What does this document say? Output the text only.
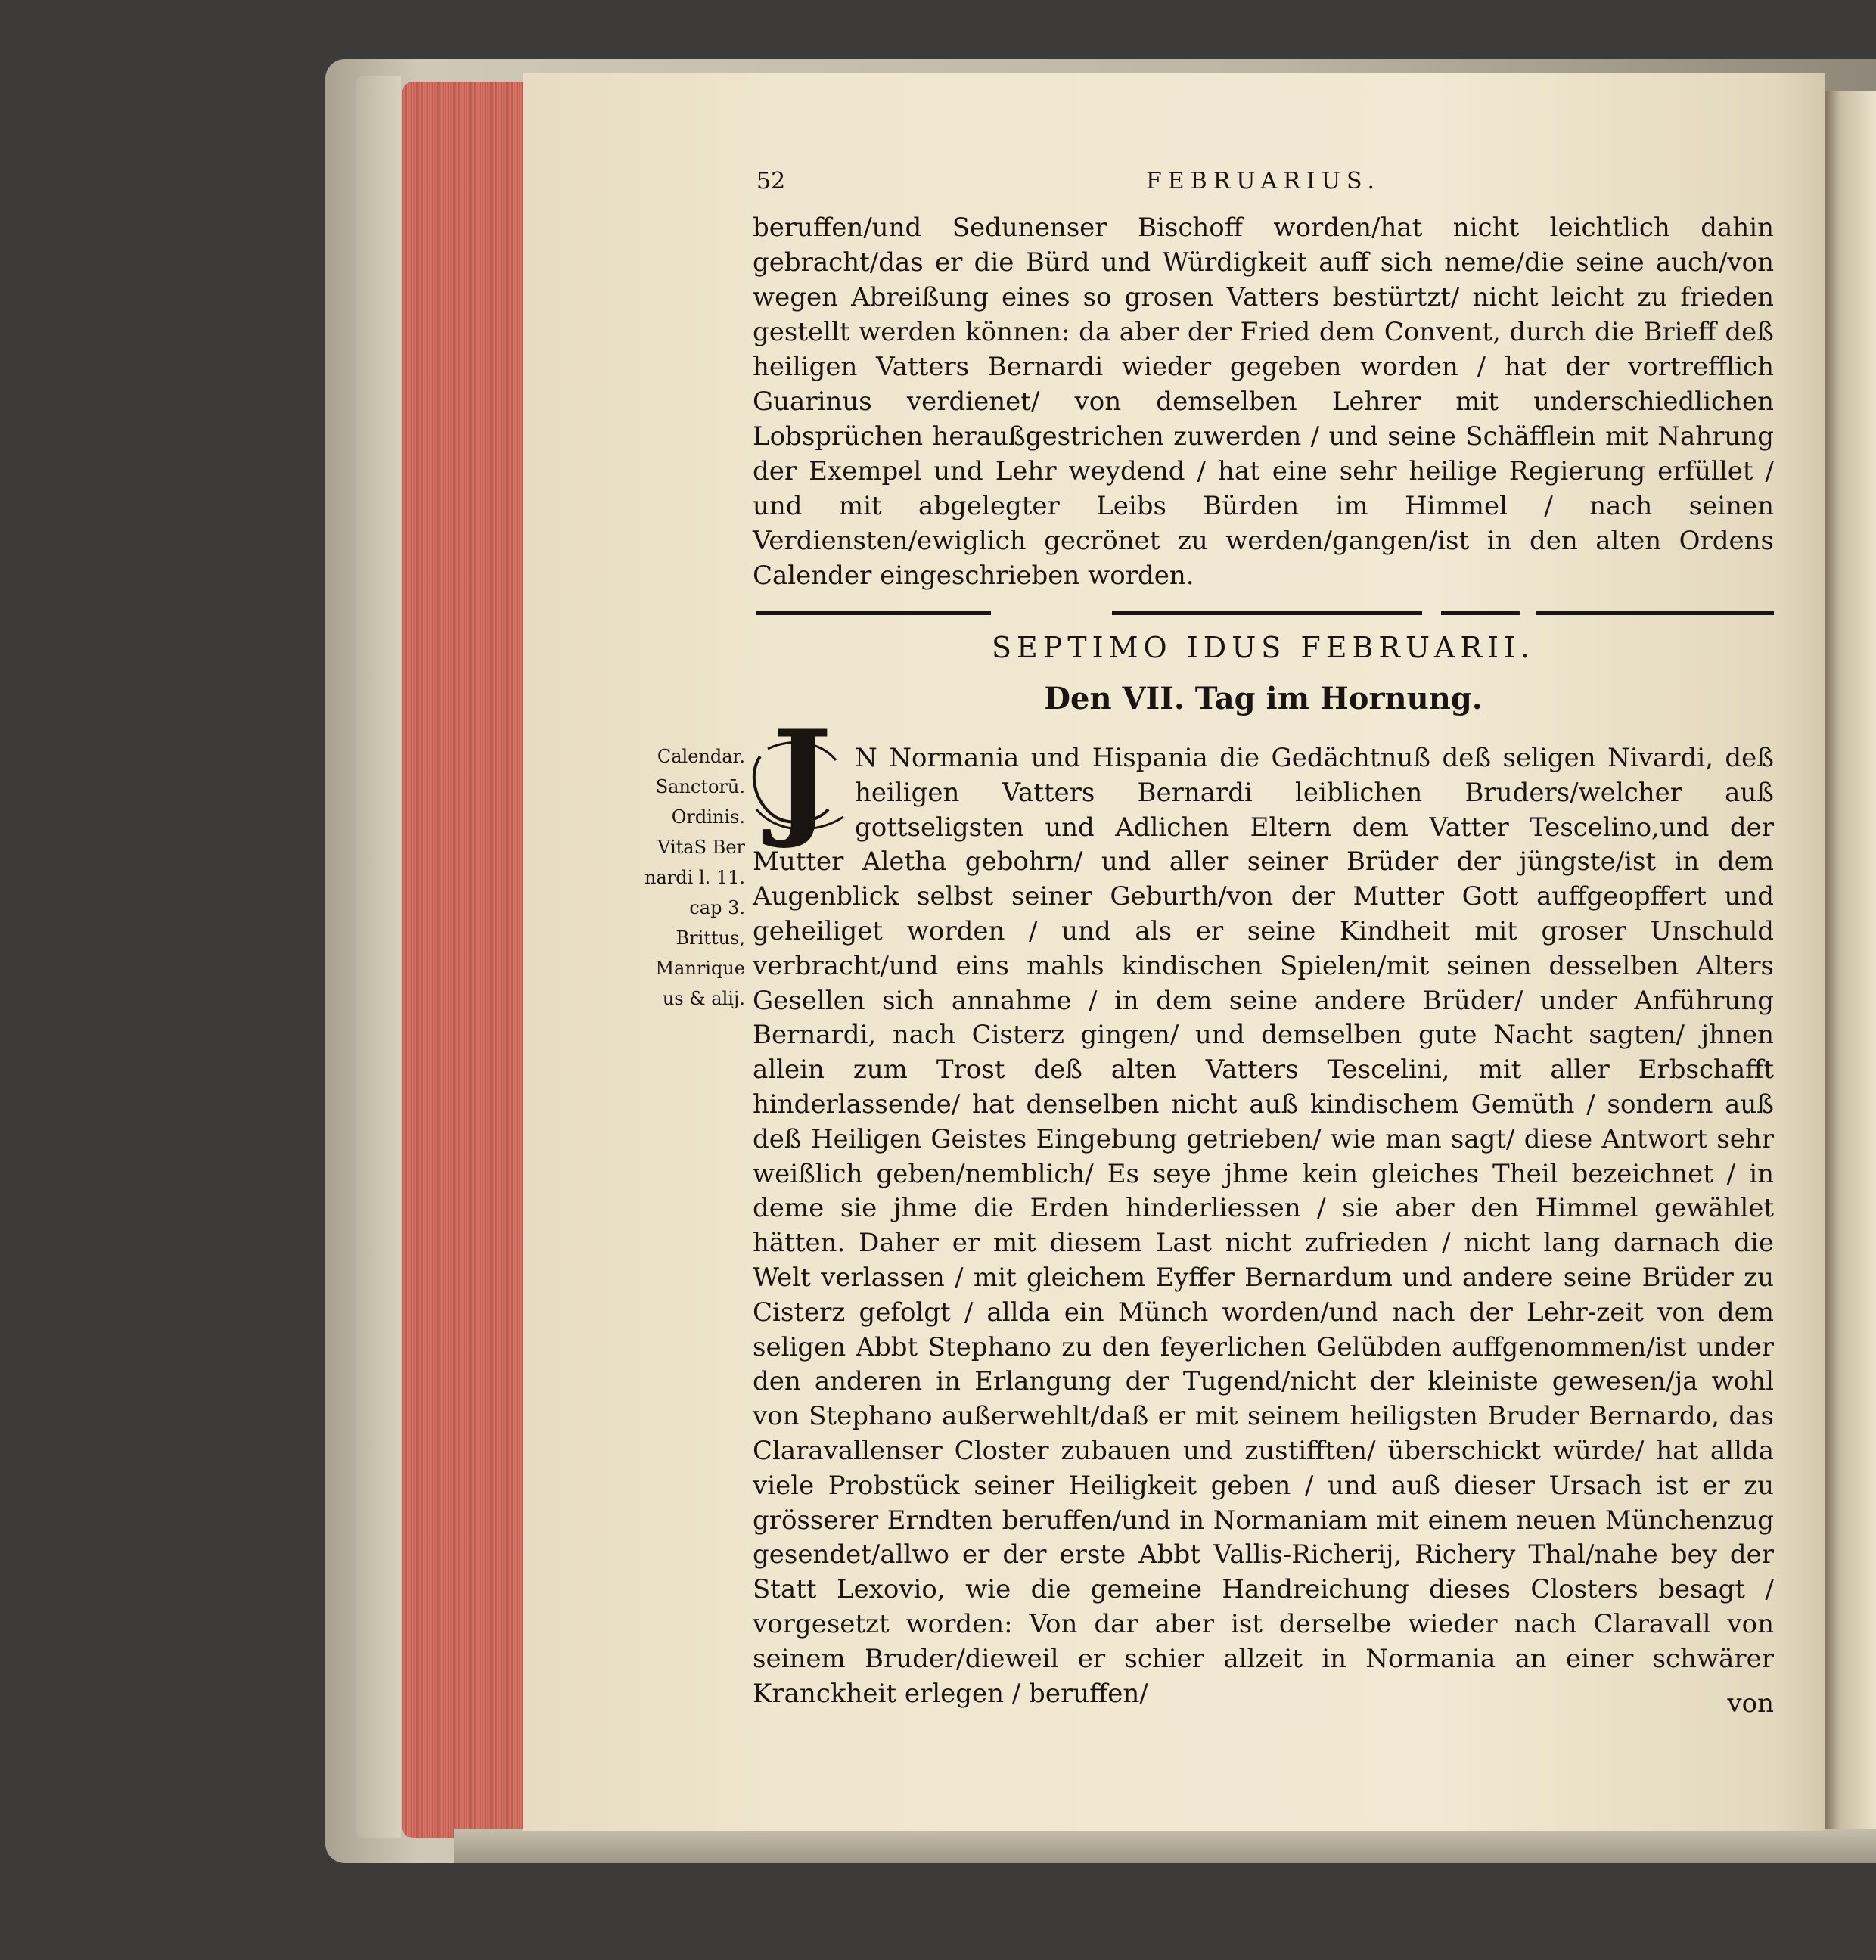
52	FEBRUARIUS.

beruffen/und Sedunenser Bischoff worden/hat nicht leichtlich dahin gebracht/das er die Bürd und Würdigkeit auff sich neme/die seine auch/von wegen Abreißung eines so grosen Vatters bestürtzt/ nicht leicht zu frieden gestellt werden können: da aber der Fried dem Convent, durch die Brieff deß heiligen Vatters Bernardi wieder gegeben worden / hat der vortrefflich Guarinus verdienet/ von demselben Lehrer mit underschiedlichen Lobsprüchen heraußgestrichen zuwerden / und seine Schäfflein mit Nahrung der Exempel und Lehr weydend / hat eine sehr heilige Regierung erfüllet / und mit abgelegter Leibs Bürden im Himmel / nach seinen Verdiensten/ewiglich gecrönet zu werden/gangen/ist in den alten Ordens Calender eingeschrieben worden.

SEPTIMO IDUS FEBRUARII.
Den VII. Tag im Hornung.
Calendar.
Sanctorū.
Ordinis.
VitaS Ber
nardi l. 11.
cap 3.
Brittus,
Manrique
us & alij.
J N Normania und Hispania die Gedächtnuß deß seligen Nivardi, deß heiligen Vatters Bernardi leiblichen Bruders/welcher auß gottseligsten und Adlichen Eltern dem Vatter Tescelino,und der Mutter Aletha gebohrn/ und aller seiner Brüder der jüngste/ist in dem Augenblick selbst seiner Geburth/von der Mutter Gott auffgeopffert und geheiliget worden / und als er seine Kindheit mit groser Unschuld verbracht/und eins mahls kindischen Spielen/mit seinen desselben Alters Gesellen sich annahme / in dem seine andere Brüder/ under Anführung Bernardi, nach Cisterz gingen/ und demselben gute Nacht sagten/ jhnen allein zum Trost deß alten Vatters Tescelini, mit aller Erbschafft hinderlassende/ hat denselben nicht auß kindischem Gemüth / sondern auß deß Heiligen Geistes Eingebung getrieben/ wie man sagt/ diese Antwort sehr weißlich geben/nemblich/ Es seye jhme kein gleiches Theil bezeichnet / in deme sie jhme die Erden hinderliessen / sie aber den Himmel gewählet hätten. Daher er mit diesem Last nicht zufrieden / nicht lang darnach die Welt verlassen / mit gleichem Eyffer Bernardum und andere seine Brüder zu Cisterz gefolgt / allda ein Münch worden/und nach der Lehr-zeit von dem seligen Abbt Stephano zu den feyerlichen Gelübden auffgenommen/ist under den anderen in Erlangung der Tugend/nicht der kleiniste gewesen/ja wohl von Stephano außerwehlt/daß er mit seinem heiligsten Bruder Bernardo, das Claravallenser Closter zubauen und zustifften/ überschickt würde/ hat allda viele Probstück seiner Heiligkeit geben / und auß dieser Ursach ist er zu grösserer Erndten beruffen/und in Normaniam mit einem neuen Münchenzug gesendet/allwo er der erste Abbt Vallis-Richerij, Richery Thal/nahe bey der Statt Lexovio, wie die gemeine Handreichung dieses Closters besagt / vorgesetzt worden: Von dar aber ist derselbe wieder nach Claravall von seinem Bruder/dieweil er schier allzeit in Normania an einer schwärer Kranckheit erlegen / beruffen/	von
